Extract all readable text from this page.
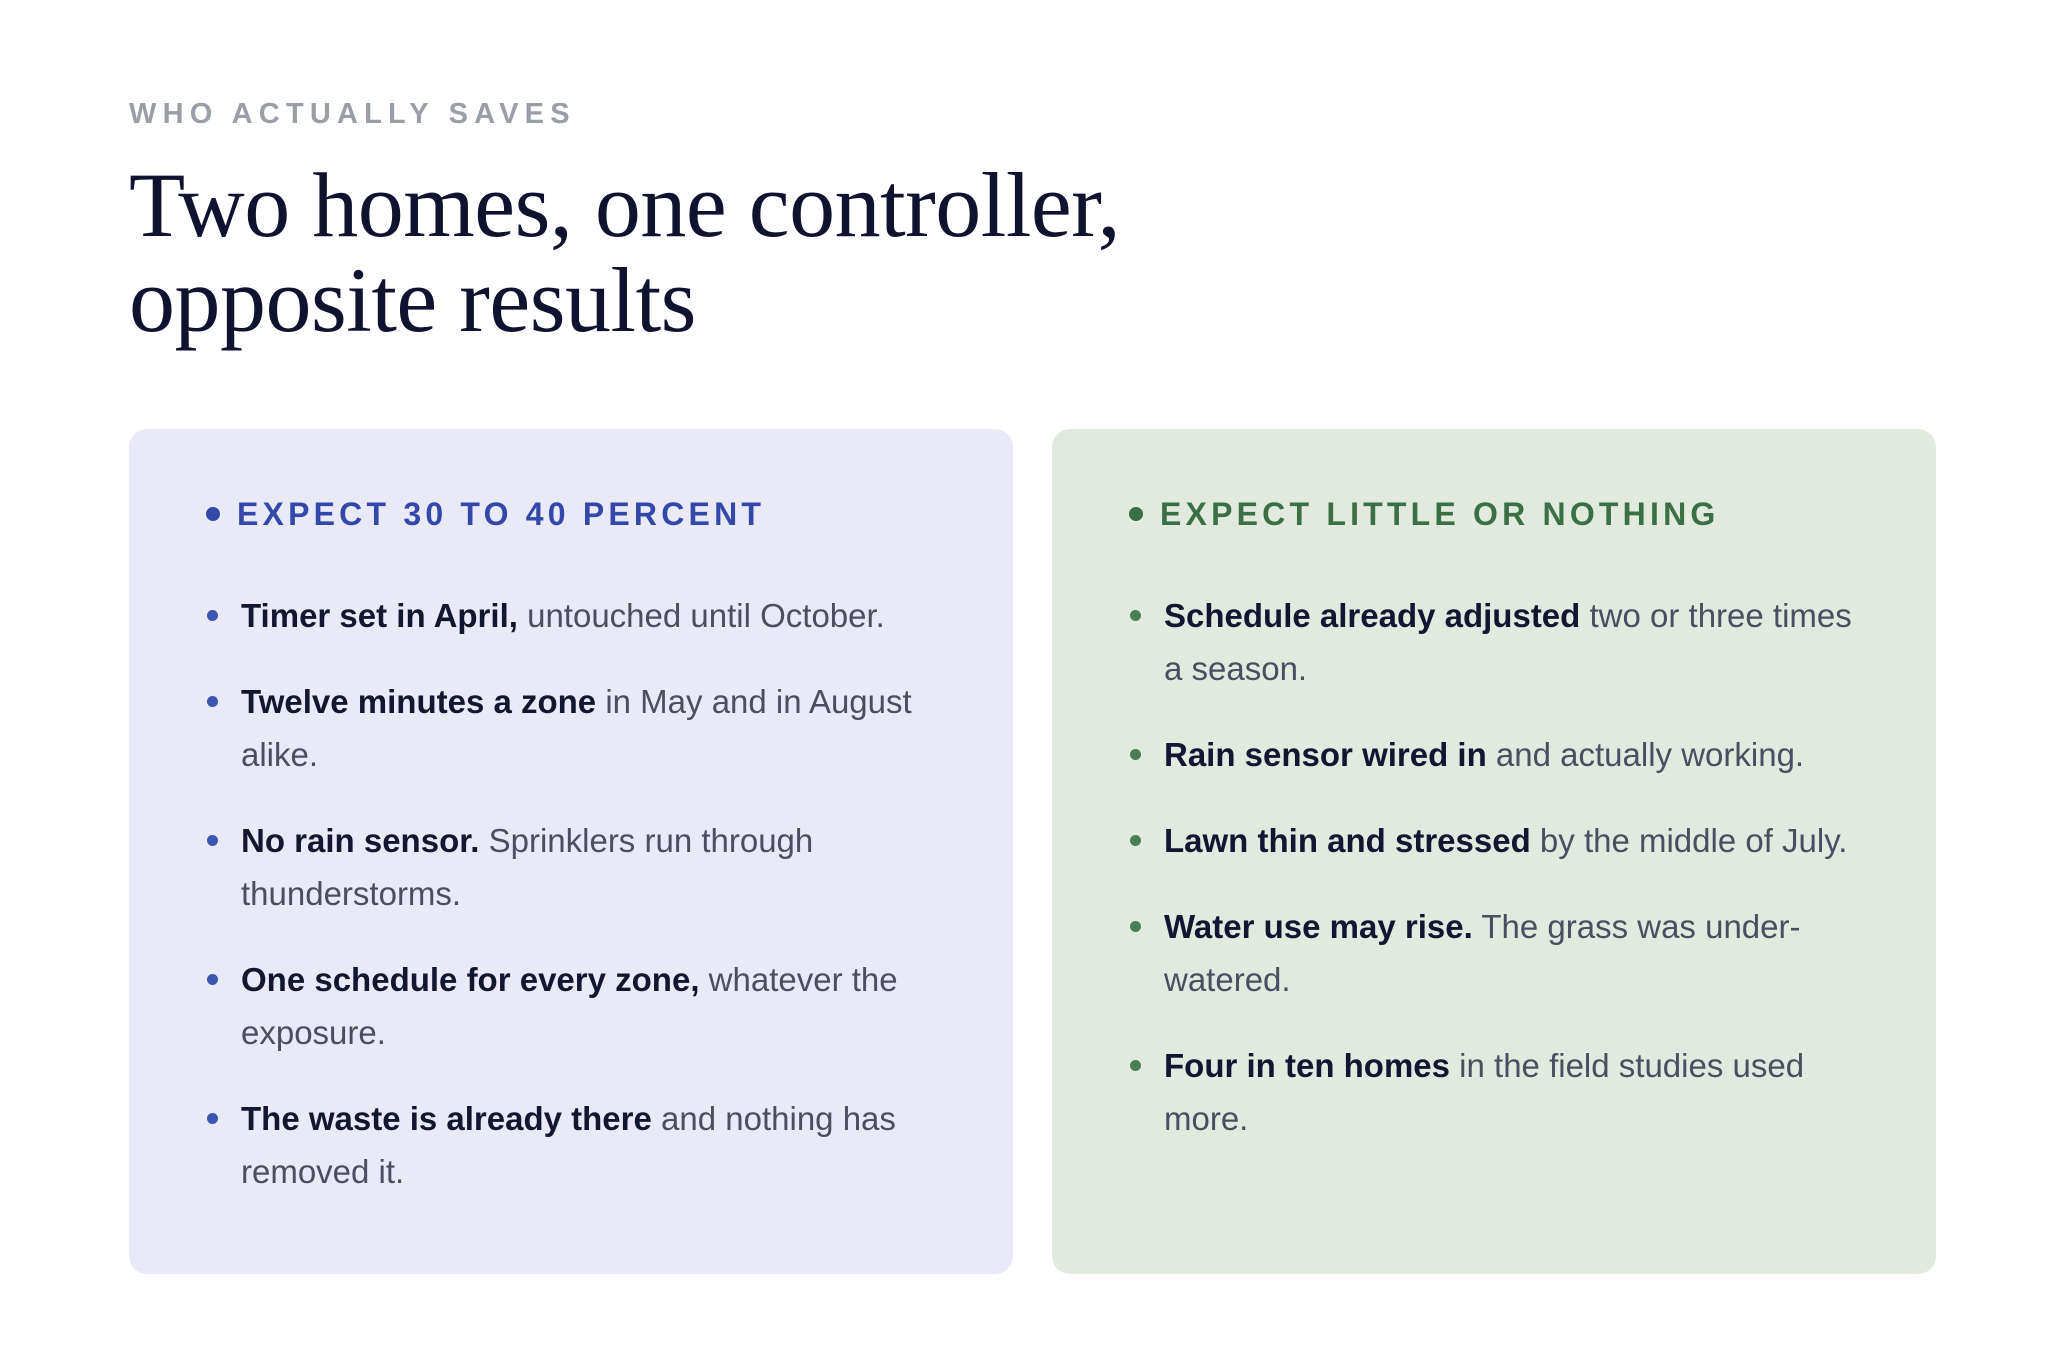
WHO ACTUALLY SAVES
Two homes, one controller,
opposite results
EXPECT 30 TO 40 PERCENT
Timer set in April, untouched until October.
Twelve minutes a zone in May and in August alike.
No rain sensor. Sprinklers run through thunderstorms.
One schedule for every zone, whatever the exposure.
The waste is already there and nothing has removed it.
EXPECT LITTLE OR NOTHING
Schedule already adjusted two or three times a season.
Rain sensor wired in and actually working.
Lawn thin and stressed by the middle of July.
Water use may rise. The grass was under-watered.
Four in ten homes in the field studies used more.
